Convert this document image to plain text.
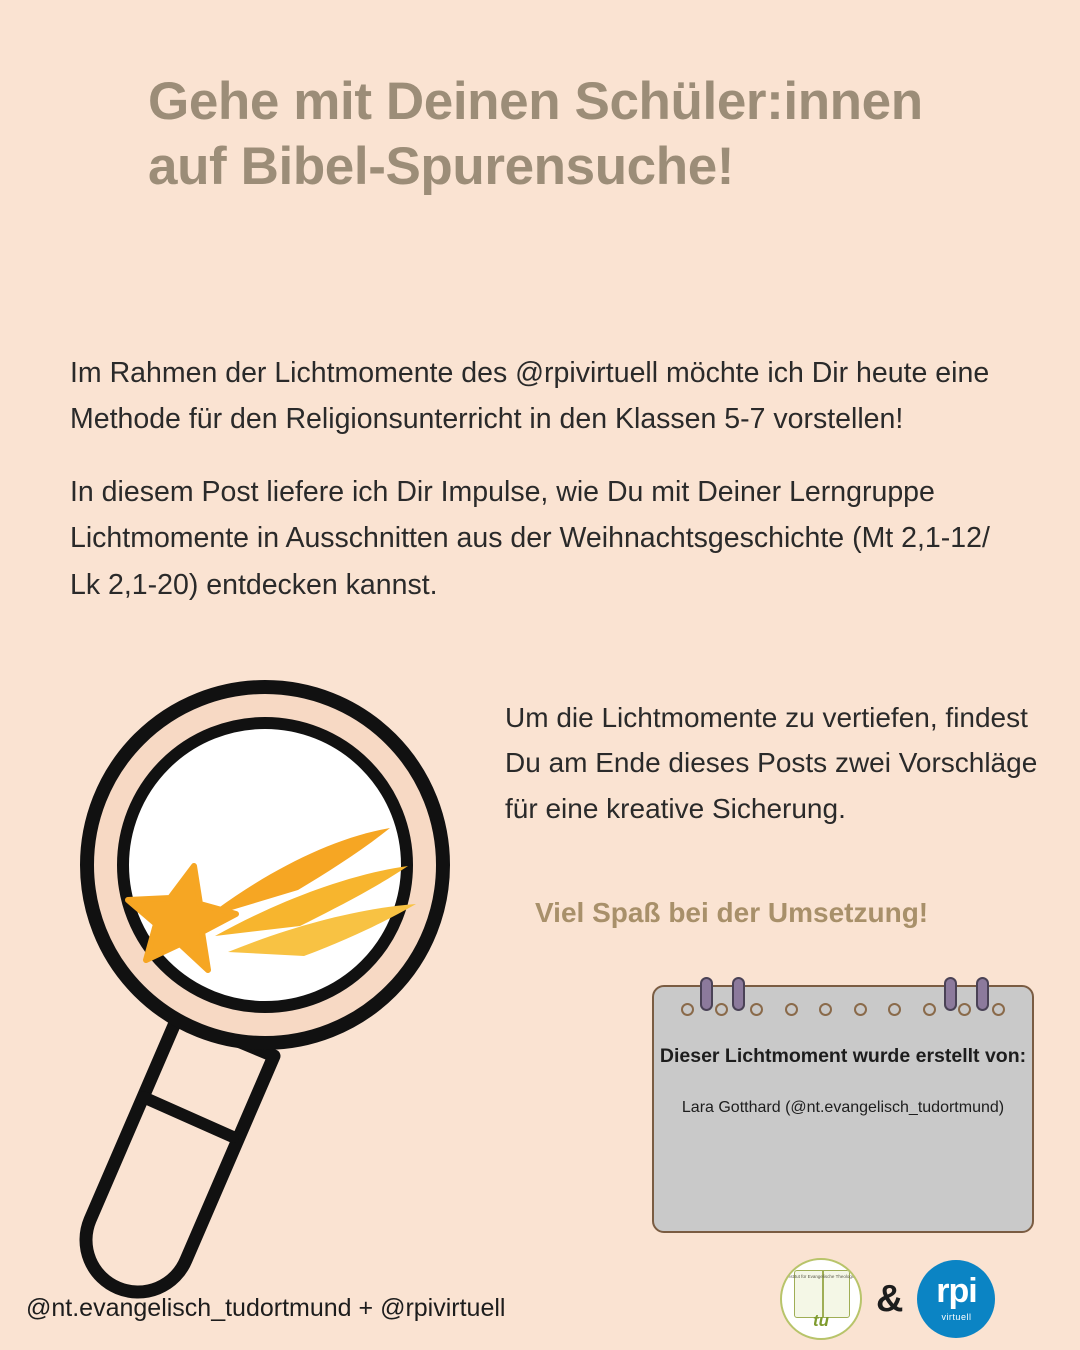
Gehe mit Deinen Schüler:innen auf Bibel-Spurensuche!

Im Rahmen der Lichtmomente des @rpivirtuell möchte ich Dir heute eine Methode für den Religionsunterricht in den Klassen 5-7 vorstellen!

In diesem Post liefere ich Dir Impulse, wie Du mit Deiner Lerngruppe Lichtmomente in Ausschnitten aus der Weihnachtsgeschichte (Mt 2,1-12/ Lk 2,1-20) entdecken kannst.

Um die Lichtmomente zu vertiefen, findest Du am Ende dieses Posts zwei Vorschläge für eine kreative Sicherung.

Viel Spaß bei der Umsetzung!
Dieser Lichtmoment wurde erstellt von:
Lara Gotthard (@nt.evangelisch_tudortmund)
Institut für Evangelische Theologie
tu
& rpi
virtuell
@nt.evangelisch_tudortmund + @rpivirtuell
